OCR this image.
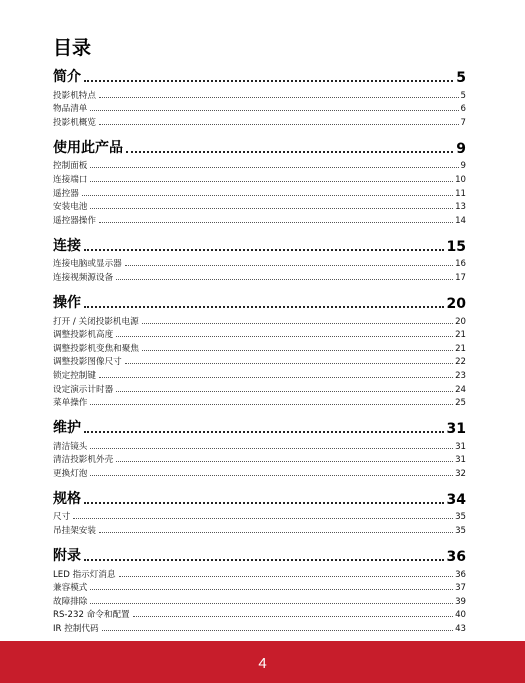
目录
简介	5
投影机特点	5
物品清单	6
投影机概览	7
使用此产品	9
控制面板	9
连接端口	10
遥控器	11
安装电池	13
遥控器操作	14
连接	15
连接电脑或显示器	16
连接视频源设备	17
操作	20
打开 / 关闭投影机电源	20
调整投影机高度	21
调整投影机变焦和聚焦	21
调整投影图像尺寸	22
锁定控制键	23
设定演示计时器	24
菜单操作	25
维护	31
清洁镜头	31
清洁投影机外壳	31
更换灯泡	32
规格	34
尺寸	35
吊挂架安装	35
附录	36
LED 指示灯消息	36
兼容模式	37
故障排除	39
RS-232 命令和配置	40
IR 控制代码	43
4
